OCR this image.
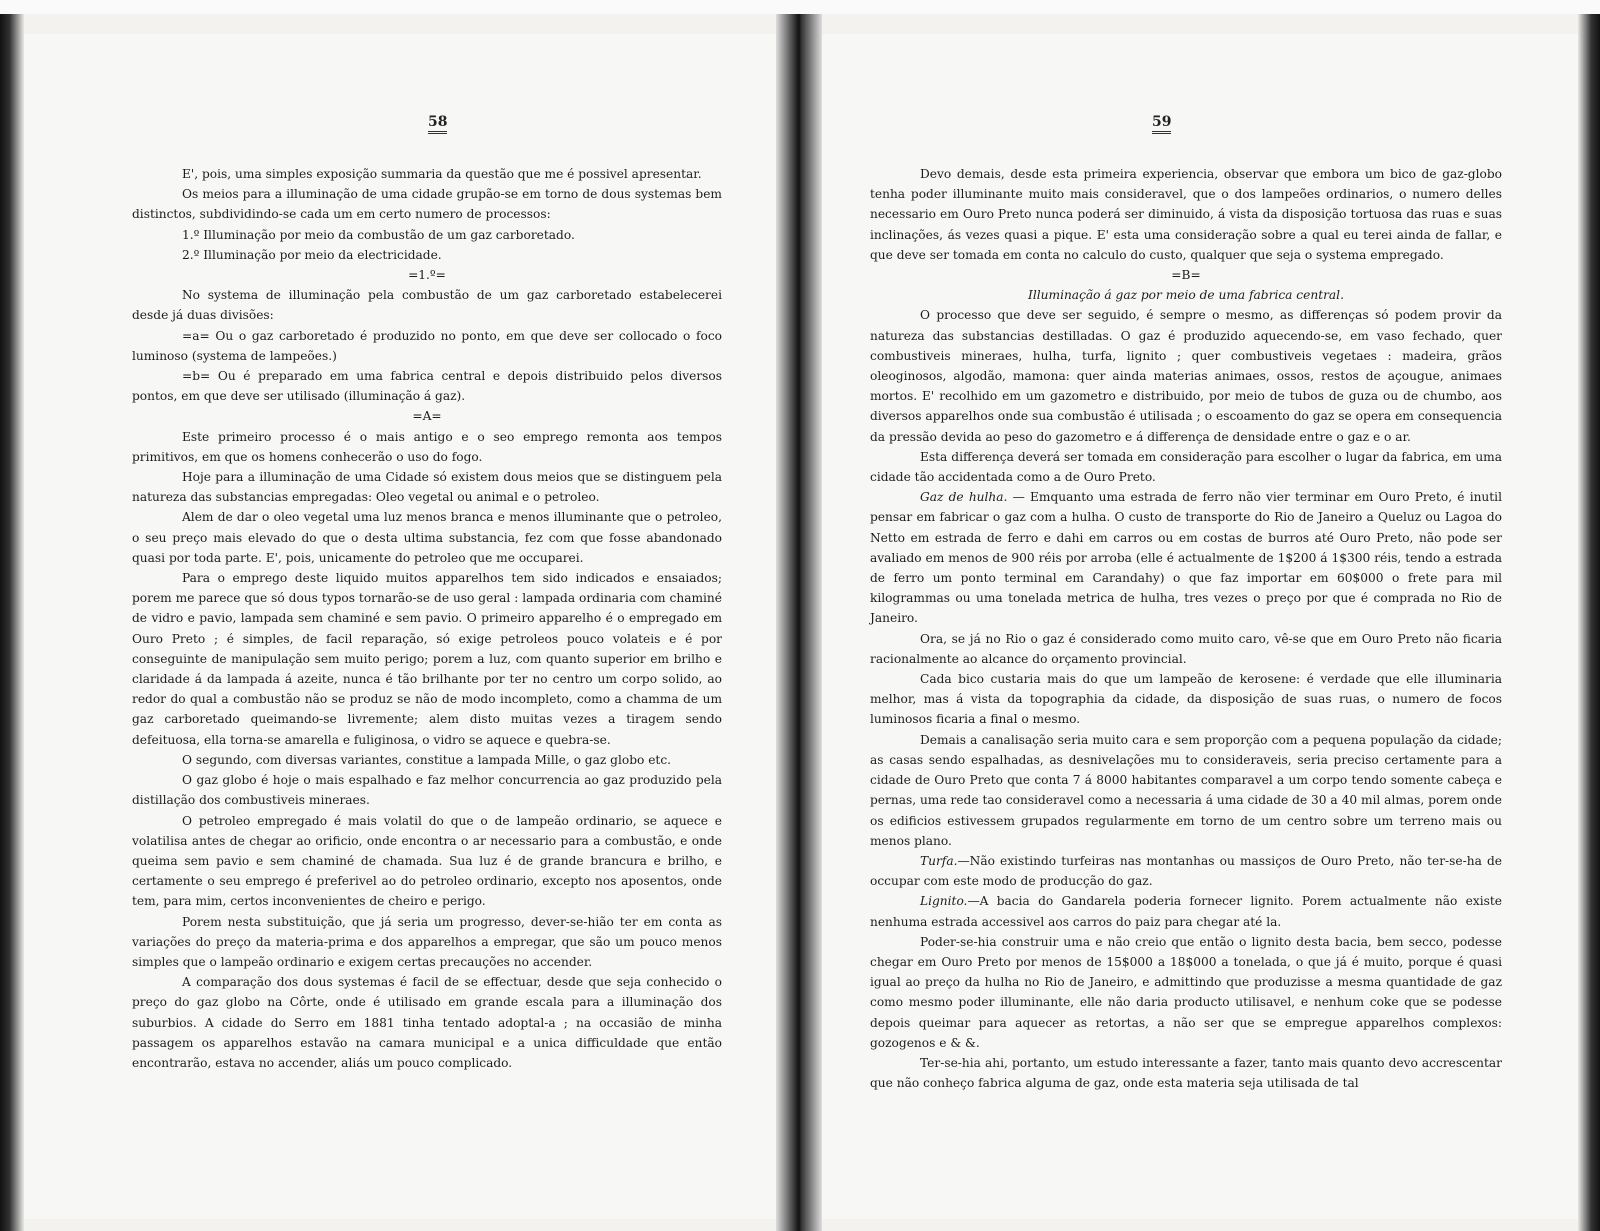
58

E', pois, uma simples exposição summaria da questão que me é possivel apresentar.

Os meios para a illuminação de uma cidade grupão-se em torno de dous systemas bem distinctos, subdividindo-se cada um em certo numero de processos:

1.º Illuminação por meio da combustão de um gaz carboretado.

2.º Illuminação por meio da electricidade.

=1.º=

No systema de illuminação pela combustão de um gaz carboretado estabelecerei desde já duas divisões:

=a= Ou o gaz carboretado é produzido no ponto, em que deve ser collocado o foco luminoso (systema de lampeões.)

=b= Ou é preparado em uma fabrica central e depois distribuido pelos diversos pontos, em que deve ser utilisado (illuminação á gaz).

=A=

Este primeiro processo é o mais antigo e o seo emprego remonta aos tempos primitivos, em que os homens conhecerão o uso do fogo.

Hoje para a illuminação de uma Cidade só existem dous meios que se distinguem pela natureza das substancias empregadas: Oleo vegetal ou animal e o petroleo.

Alem de dar o oleo vegetal uma luz menos branca e menos illuminante que o petroleo, o seu preço mais elevado do que o desta ultima substancia, fez com que fosse abandonado quasi por toda parte. E', pois, unicamente do petroleo que me occuparei.

Para o emprego deste liquido muitos apparelhos tem sido indicados e ensaiados; porem me parece que só dous typos tornarão-se de uso geral : lampada ordinaria com chaminé de vidro e pavio, lampada sem chaminé e sem pavio. O primeiro apparelho é o empregado em Ouro Preto ; é simples, de facil reparação, só exige petroleos pouco volateis e é por conseguinte de manipulação sem muito perigo; porem a luz, com quanto superior em brilho e claridade á da lampada á azeite, nunca é tão brilhante por ter no centro um corpo solido, ao redor do qual a combustão não se produz se não de modo incompleto, como a chamma de um gaz carboretado queimando-se livremente; alem disto muitas vezes a tiragem sendo defeituosa, ella torna-se amarella e fuliginosa, o vidro se aquece e quebra-se.

O segundo, com diversas variantes, constitue a lampada Mille, o gaz globo etc.

O gaz globo é hoje o mais espalhado e faz melhor concurrencia ao gaz produzido pela distillação dos combustiveis mineraes.

O petroleo empregado é mais volatil do que o de lampeão ordinario, se aquece e volatilisa antes de chegar ao orificio, onde encontra o ar necessario para a combustão, e onde queima sem pavio e sem chaminé de chamada. Sua luz é de grande brancura e brilho, e certamente o seu emprego é preferivel ao do petroleo ordinario, excepto nos aposentos, onde tem, para mim, certos inconvenientes de cheiro e perigo.

Porem nesta substituição, que já seria um progresso, dever-se-hião ter em conta as variações do preço da materia-prima e dos apparelhos a empregar, que são um pouco menos simples que o lampeão ordinario e exigem certas precauções no accender.

A comparação dos dous systemas é facil de se effectuar, desde que seja conhecido o preço do gaz globo na Côrte, onde é utilisado em grande escala para a illuminação dos suburbios. A cidade do Serro em 1881 tinha tentado adoptal-a ; na occasião de minha passagem os apparelhos estavão na camara municipal e a unica difficuldade que então encontrarão, estava no accender, aliás um pouco complicado.

59

Devo demais, desde esta primeira experiencia, observar que embora um bico de gaz-globo tenha poder illuminante muito mais consideravel, que o dos lampeões ordinarios, o numero delles necessario em Ouro Preto nunca poderá ser diminuido, á vista da disposição tortuosa das ruas e suas inclinações, ás vezes quasi a pique. E' esta uma consideração sobre a qual eu terei ainda de fallar, e que deve ser tomada em conta no calculo do custo, qualquer que seja o systema empregado.

=B=

Illuminação á gaz por meio de uma fabrica central.

O processo que deve ser seguido, é sempre o mesmo, as differenças só podem provir da natureza das substancias destilladas. O gaz é produzido aquecendo-se, em vaso fechado, quer combustiveis mineraes, hulha, turfa, lignito ; quer combustiveis vegetaes : madeira, grãos oleoginosos, algodão, mamona: quer ainda materias animaes, ossos, restos de açougue, animaes mortos. E' recolhido em um gazometro e distribuido, por meio de tubos de guza ou de chumbo, aos diversos apparelhos onde sua combustão é utilisada ; o escoamento do gaz se opera em consequencia da pressão devida ao peso do gazometro e á differença de densidade entre o gaz e o ar.

Esta differença deverá ser tomada em consideração para escolher o lugar da fabrica, em uma cidade tão accidentada como a de Ouro Preto.

Gaz de hulha. — Emquanto uma estrada de ferro não vier terminar em Ouro Preto, é inutil pensar em fabricar o gaz com a hulha. O custo de transporte do Rio de Janeiro a Queluz ou Lagoa do Netto em estrada de ferro e dahi em carros ou em costas de burros até Ouro Preto, não pode ser avaliado em menos de 900 réis por arroba (elle é actualmente de 1$200 á 1$300 réis, tendo a estrada de ferro um ponto terminal em Carandahy) o que faz importar em 60$000 o frete para mil kilogrammas ou uma tonelada metrica de hulha, tres vezes o preço por que é comprada no Rio de Janeiro.

Ora, se já no Rio o gaz é considerado como muito caro, vê-se que em Ouro Preto não ficaria racionalmente ao alcance do orçamento provincial.

Cada bico custaria mais do que um lampeão de kerosene: é verdade que elle illuminaria melhor, mas á vista da topographia da cidade, da disposição de suas ruas, o numero de focos luminosos ficaria a final o mesmo.

Demais a canalisação seria muito cara e sem proporção com a pequena população da cidade; as casas sendo espalhadas, as desnivelações mu to consideraveis, seria preciso certamente para a cidade de Ouro Preto que conta 7 á 8000 habitantes comparavel a um corpo tendo somente cabeça e pernas, uma rede tao consideravel como a necessaria á uma cidade de 30 a 40 mil almas, porem onde os edificios estivessem grupados regularmente em torno de um centro sobre um terreno mais ou menos plano.

Turfa.—Não existindo turfeiras nas montanhas ou massiços de Ouro Preto, não ter-se-ha de occupar com este modo de producção do gaz.

Lignito.—A bacia do Gandarela poderia fornecer lignito. Porem actualmente não existe nenhuma estrada accessivel aos carros do paiz para chegar até la.

Poder-se-hia construir uma e não creio que então o lignito desta bacia, bem secco, podesse chegar em Ouro Preto por menos de 15$000 a 18$000 a tonelada, o que já é muito, porque é quasi igual ao preço da hulha no Rio de Janeiro, e admittindo que produzisse a mesma quantidade de gaz como mesmo poder illuminante, elle não daria producto utilisavel, e nenhum coke que se podesse depois queimar para aquecer as retortas, a não ser que se empregue apparelhos complexos: gozogenos e & &.

Ter-se-hia ahi, portanto, um estudo interessante a fazer, tanto mais quanto devo accrescentar que não conheço fabrica alguma de gaz, onde esta materia seja utilisada de tal
